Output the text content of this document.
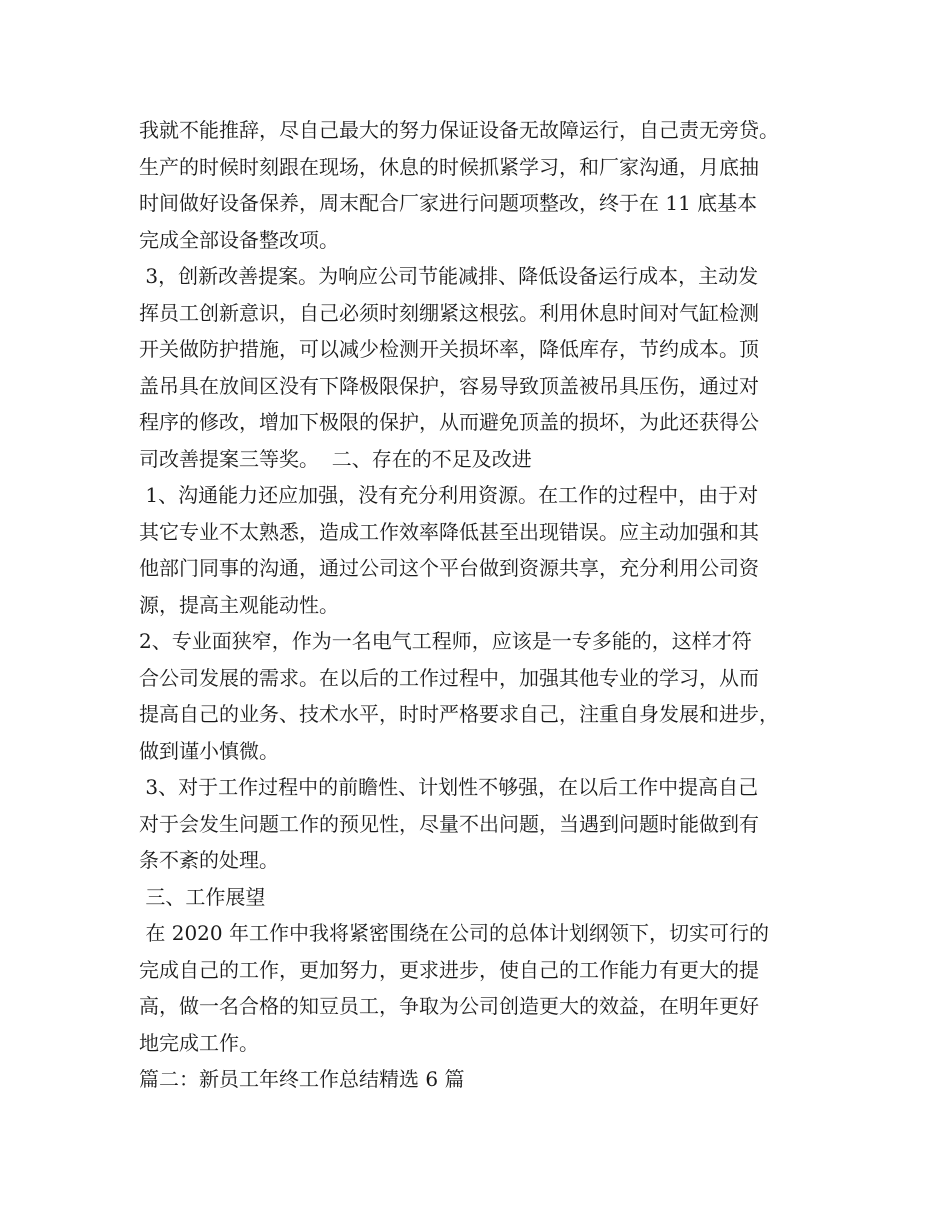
我就不能推辞，尽自己最大的努力保证设备无故障运行，自己责无旁贷。
生产的时候时刻跟在现场，休息的时候抓紧学习，和厂家沟通，月底抽
时间做好设备保养，周末配合厂家进行问题项整改，终于在 11 底基本
完成全部设备整改项。
3，创新改善提案。为响应公司节能减排、降低设备运行成本，主动发
挥员工创新意识，自己必须时刻绷紧这根弦。利用休息时间对气缸检测
开关做防护措施，可以减少检测开关损坏率，降低库存，节约成本。顶
盖吊具在放间区没有下降极限保护，容易导致顶盖被吊具压伤，通过对
程序的修改，增加下极限的保护，从而避免顶盖的损坏，为此还获得公
司改善提案三等奖。  二、存在的不足及改进
1、沟通能力还应加强，没有充分利用资源。在工作的过程中，由于对
其它专业不太熟悉，造成工作效率降低甚至出现错误。应主动加强和其
他部门同事的沟通，通过公司这个平台做到资源共享，充分利用公司资
源，提高主观能动性。
2、专业面狭窄，作为一名电气工程师，应该是一专多能的，这样才符
合公司发展的需求。在以后的工作过程中，加强其他专业的学习，从而
提高自己的业务、技术水平，时时严格要求自己，注重自身发展和进步，
做到谨小慎微。
3、对于工作过程中的前瞻性、计划性不够强，在以后工作中提高自己
对于会发生问题工作的预见性，尽量不出问题，当遇到问题时能做到有
条不紊的处理。
三、工作展望
在 2020 年工作中我将紧密围绕在公司的总体计划纲领下，切实可行的
完成自己的工作，更加努力，更求进步，使自己的工作能力有更大的提
高，做一名合格的知豆员工，争取为公司创造更大的效益，在明年更好
地完成工作。
篇二：新员工年终工作总结精选 6 篇
